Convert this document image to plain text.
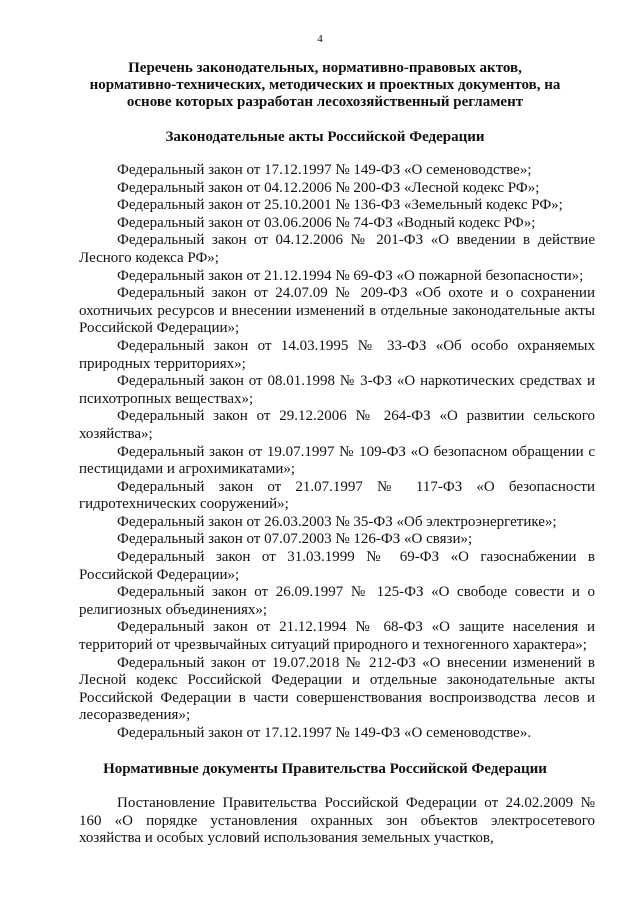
4
Перечень законодательных, нормативно-правовых актов,
нормативно-технических, методических и проектных документов, на
основе которых разработан лесохозяйственный регламент
Законодательные акты Российской Федерации

Федеральный закон от 17.12.1997 № 149-ФЗ «О семеноводстве»;

Федеральный закон от 04.12.2006 № 200-ФЗ «Лесной кодекс РФ»;

Федеральный закон от 25.10.2001 № 136-ФЗ «Земельный кодекс РФ»;

Федеральный закон от 03.06.2006 № 74-ФЗ «Водный кодекс РФ»;

Федеральный закон от 04.12.2006 № 201-ФЗ «О введении в действие Лесного кодекса РФ»;

Федеральный закон от 21.12.1994 № 69-ФЗ «О пожарной безопасности»;

Федеральный закон от 24.07.09 № 209-ФЗ «Об охоте и о сохранении охотничьих ресурсов и внесении изменений в отдельные законодательные акты Российской Федерации»;

Федеральный закон от 14.03.1995 № 33-ФЗ «Об особо охраняемых природных территориях»;

Федеральный закон от 08.01.1998 № 3-ФЗ «О наркотических средствах и психотропных веществах»;

Федеральный закон от 29.12.2006 № 264-ФЗ «О развитии сельского хозяйства»;

Федеральный закон от 19.07.1997 № 109-ФЗ «О безопасном обращении с пестицидами и агрохимикатами»;

Федеральный закон от 21.07.1997 № 117-ФЗ «О безопасности гидротехнических сооружений»;

Федеральный закон от 26.03.2003 № 35-ФЗ «Об электроэнергетике»;

Федеральный закон от 07.07.2003 № 126-ФЗ «О связи»;

Федеральный закон от 31.03.1999 № 69-ФЗ «О газоснабжении в Российской Федерации»;

Федеральный закон от 26.09.1997 № 125-ФЗ «О свободе совести и о религиозных объединениях»;

Федеральный закон от 21.12.1994 № 68-ФЗ «О защите населения и территорий от чрезвычайных ситуаций природного и техногенного характера»;

Федеральный закон от 19.07.2018 № 212-ФЗ «О внесении изменений в Лесной кодекс Российской Федерации и отдельные законодательные акты Российской Федерации в части совершенствования воспроизводства лесов и лесоразведения»;

Федеральный закон от 17.12.1997 № 149-ФЗ «О семеноводстве».

Нормативные документы Правительства Российской Федерации

Постановление Правительства Российской Федерации от 24.02.2009 № 160 «О порядке установления охранных зон объектов электросетевого хозяйства и особых условий использования земельных участков,
